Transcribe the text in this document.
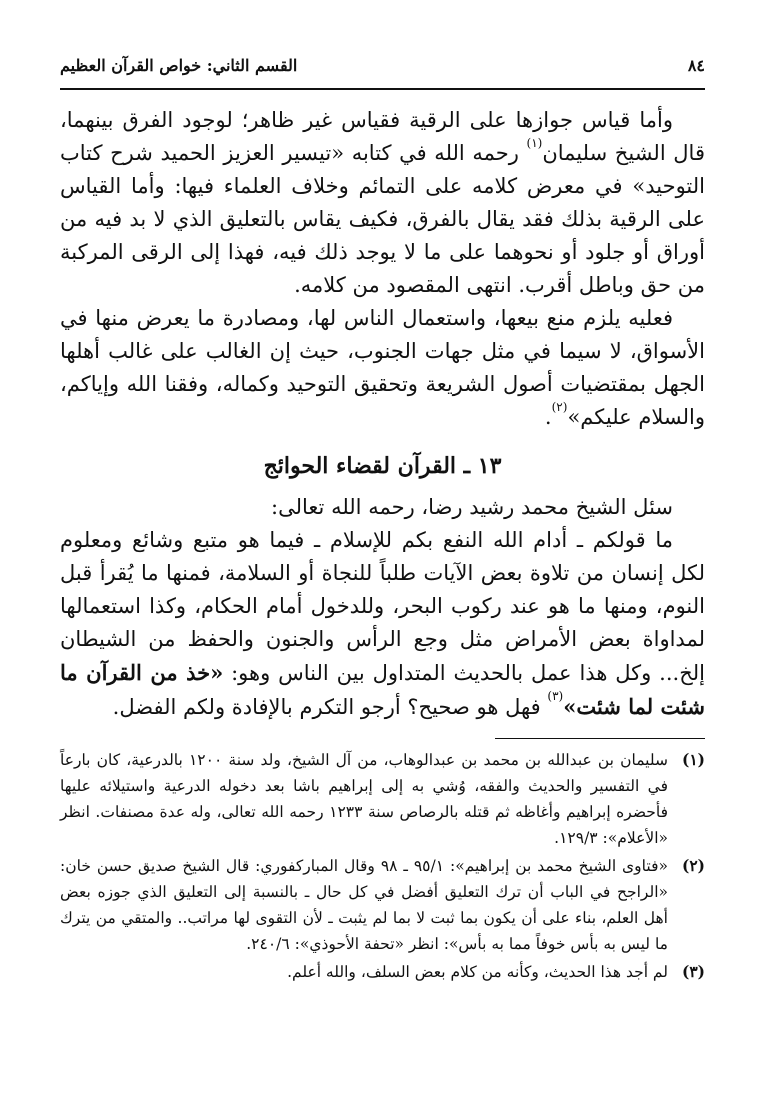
٨٤
القسم الثاني: خواص القرآن العظيم

وأما قياس جوازها على الرقية فقياس غير ظاهر؛ لوجود الفرق بينهما، قال الشيخ سليمان$^{(١)}$ رحمه الله في كتابه «تيسير العزيز الحميد شرح كتاب التوحيد» في معرض كلامه على التمائم وخلاف العلماء فيها: وأما القياس على الرقية بذلك فقد يقال بالفرق، فكيف يقاس بالتعليق الذي لا بد فيه من أوراق أو جلود أو نحوهما على ما لا يوجد ذلك فيه، فهذا إلى الرقى المركبة من حق وباطل أقرب. انتهى المقصود من كلامه.

فعليه يلزم منع بيعها، واستعمال الناس لها، ومصادرة ما يعرض منها في الأسواق، لا سيما في مثل جهات الجنوب، حيث إن الغالب على غالب أهلها الجهل بمقتضيات أصول الشريعة وتحقيق التوحيد وكماله، وفقنا الله وإياكم، والسلام عليكم»$^{(٢)}$.

١٣ ـ القرآن لقضاء الحوائج

سئل الشيخ محمد رشيد رضا، رحمه الله تعالى:

ما قولكم ـ أدام الله النفع بكم للإسلام ـ فيما هو متبع وشائع ومعلوم لكل إنسان من تلاوة بعض الآيات طلباً للنجاة أو السلامة، فمنها ما يُقرأ قبل النوم، ومنها ما هو عند ركوب البحر، وللدخول أمام الحكام، وكذا استعمالها لمداواة بعض الأمراض مثل وجع الرأس والجنون والحفظ من الشيطان إلخ... وكل هذا عمل بالحديث المتداول بين الناس وهو: «خذ من القرآن ما شئت لما شئت»$^{(٣)}$ فهل هو صحيح؟ أرجو التكرم بالإفادة ولكم الفضل.

(١)
سليمان بن عبدالله بن محمد بن عبدالوهاب، من آل الشيخ، ولد سنة ١٢٠٠ بالدرعية، كان بارعاً في التفسير والحديث والفقه، وُشي به إلى إبراهيم باشا بعد دخوله الدرعية واستيلائه عليها فأحضره إبراهيم وأغاظه ثم قتله بالرصاص سنة ١٢٣٣ رحمه الله تعالى، وله عدة مصنفات. انظر «الأعلام»: ١٢٩/٣.
(٢)
«فتاوى الشيخ محمد بن إبراهيم»: ٩٥/١ ـ ٩٨ وقال المباركفوري: قال الشيخ صديق حسن خان: «الراجح في الباب أن ترك التعليق أفضل في كل حال ـ بالنسبة إلى التعليق الذي جوزه بعض أهل العلم، بناء على أن يكون بما ثبت لا بما لم يثبت ـ لأن التقوى لها مراتب.. والمتقي من يترك ما ليس به بأس خوفاً مما به بأس»: انظر «تحفة الأحوذي»: ٢٤٠/٦.
(٣)
لم أجد هذا الحديث، وكأنه من كلام بعض السلف، والله أعلم.
